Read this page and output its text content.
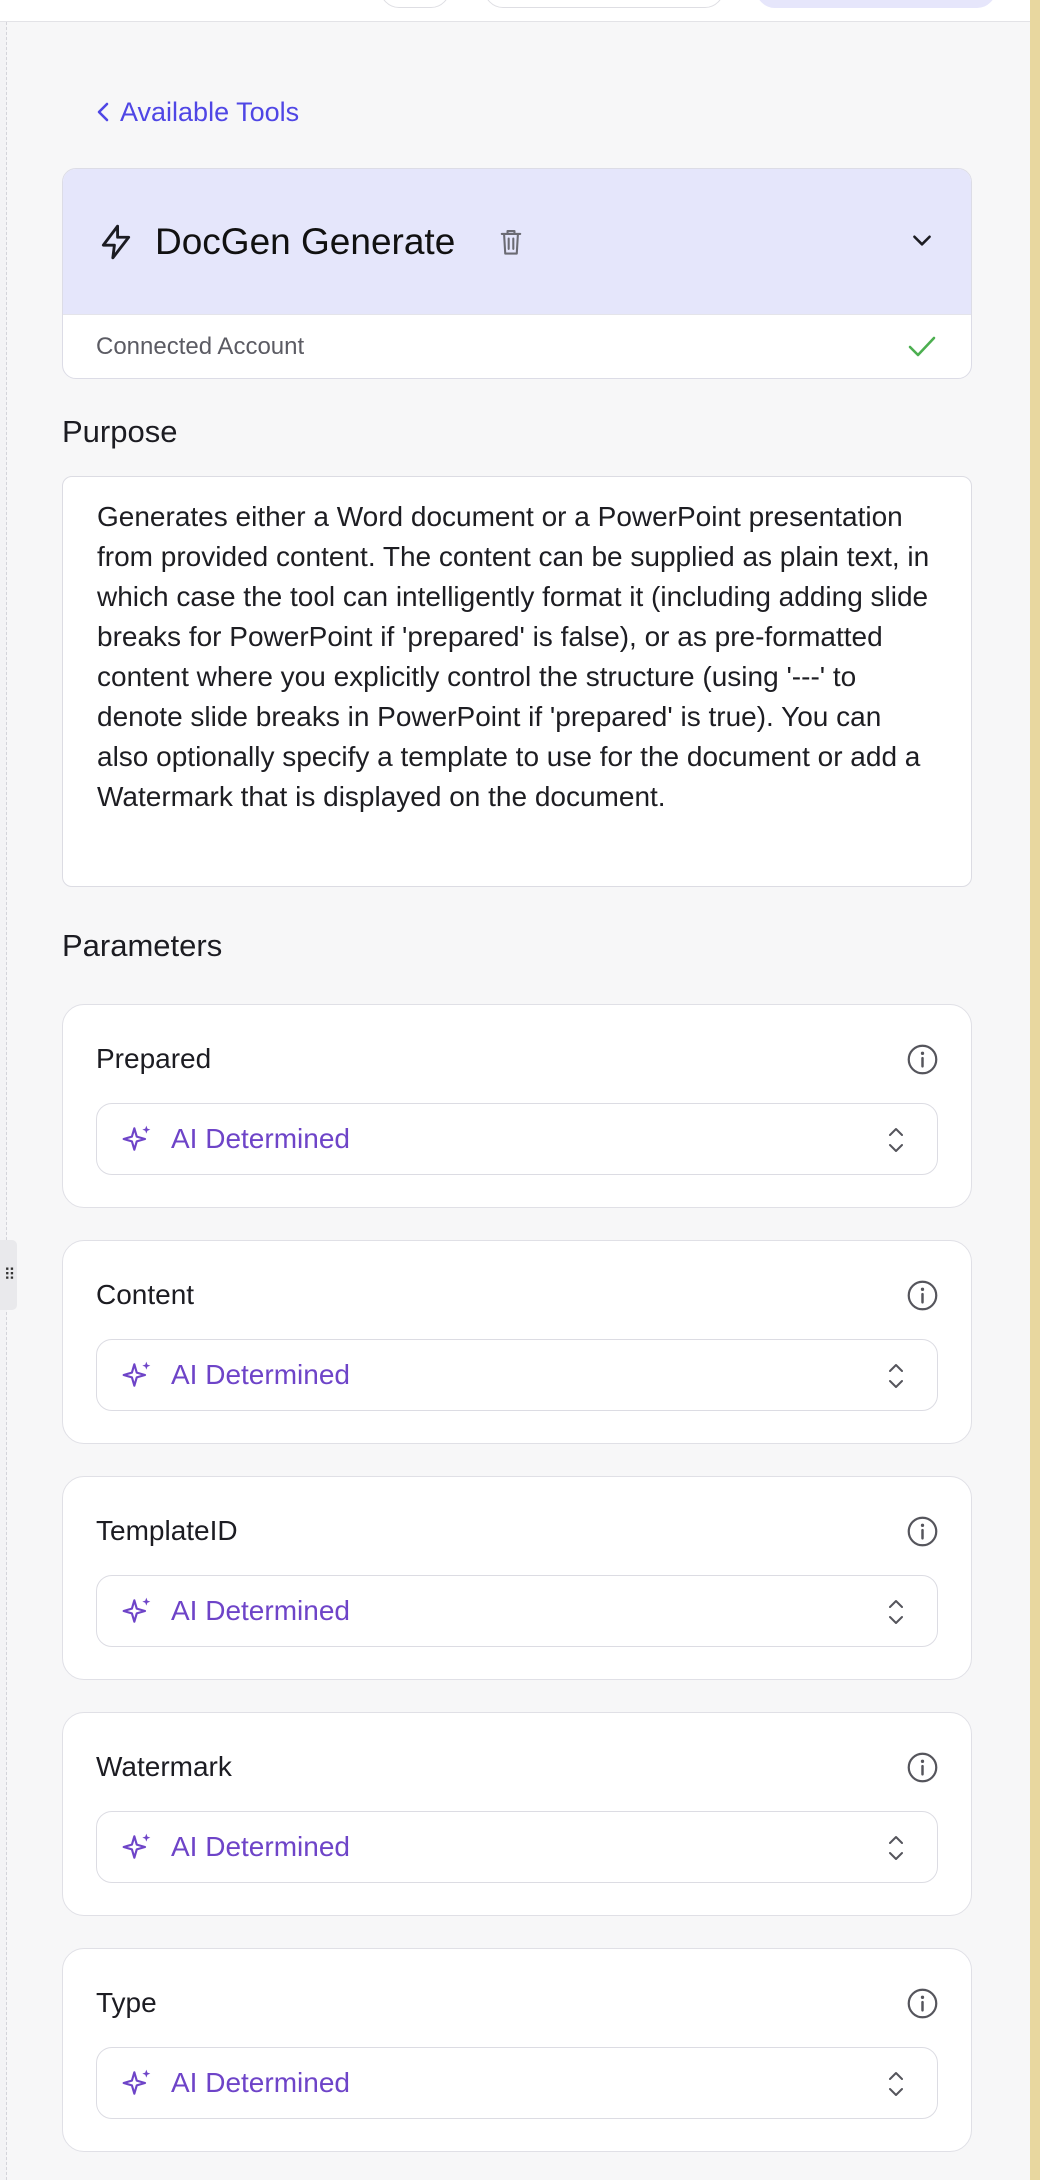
⠿
Available Tools
DocGen Generate
Connected Account
Purpose
Generates either a Word document or a PowerPoint presentation from provided content. The content can be supplied as plain text, in which case the tool can intelligently format it (including adding slide breaks for PowerPoint if 'prepared' is false), or as pre-formatted content where you explicitly control the structure (using '---' to denote slide breaks in PowerPoint if 'prepared' is true). You can also optionally specify a template to use for the document or add a Watermark that is displayed on the document.
Parameters
Prepared
AI Determined
Content
AI Determined
TemplateID
AI Determined
Watermark
AI Determined
Type
AI Determined
